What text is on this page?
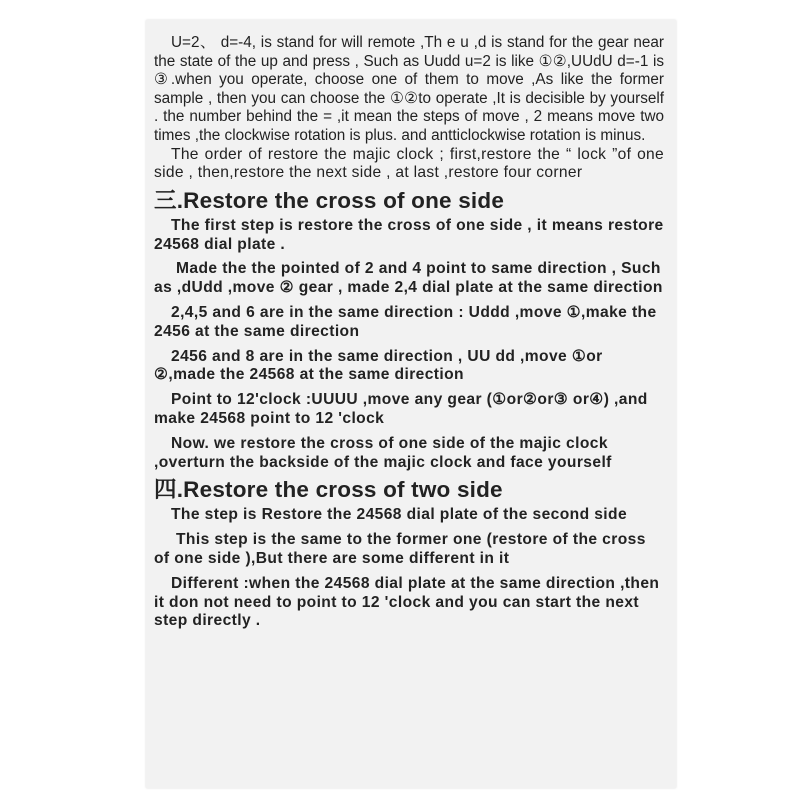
U=2、 d=-4, is stand for will remote ,Th e u ,d is stand for the gear near the state of the up and press , Such as Uudd u=2 is like ①②,UUdU d=-1 is ③.when you operate, choose one of them to move ,As like the former sample , then you can choose the ①②to operate ,It is decisible by yourself . the number behind the = ,it mean the steps of move , 2 means move two times ,the clockwise rotation is plus. and antticlockwise rotation is minus.

The order of restore the majic clock ; first,restore the “ lock ”of one side , then,restore the next side , at last ,restore four corner

三.Restore the cross of one side

The first step is restore the cross of one side , it means restore 24568 dial plate .

Made the the pointed of 2 and 4 point to same direction , Such as ,dUdd ,move ② gear , made 2,4 dial plate at the same direction

2,4,5 and 6 are in the same direction : Uddd ,move ①,make the 2456 at the same direction

2456 and 8 are in the same direction , UU dd ,move ①or ②,made the 24568 at the same direction

Point to 12'clock :UUUU ,move any gear (①or②or③ or④) ,and make 24568 point to 12 'clock

Now. we restore the cross of one side of the majic clock ,overturn the backside of the majic clock and face yourself

四.Restore the cross of two side

The step is Restore the 24568 dial plate of the second side

This step is the same to the former one (restore of the cross of one side ),But there are some different in it

Different :when the 24568 dial plate at the same direction ,then it don not need to point to 12 'clock and you can start the next step directly .
